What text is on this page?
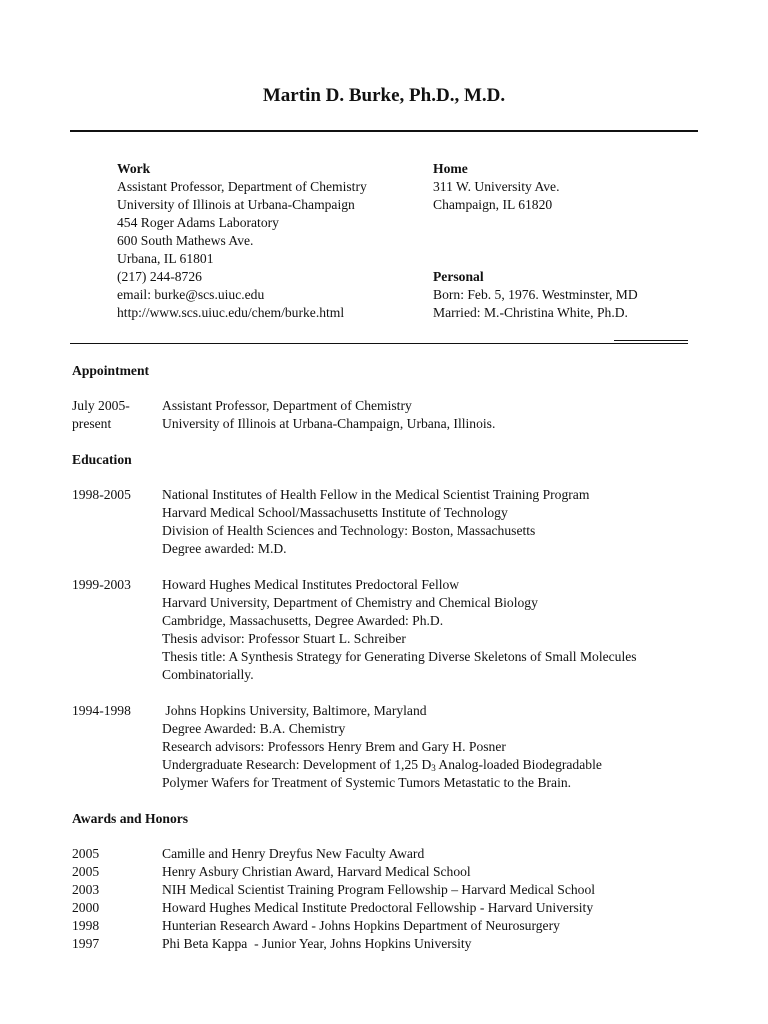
Martin D. Burke, Ph.D., M.D.
Work
Assistant Professor, Department of Chemistry
University of Illinois at Urbana-Champaign
454 Roger Adams Laboratory
600 South Mathews Ave.
Urbana, IL 61801
(217) 244-8726
email: burke@scs.uiuc.edu
http://www.scs.uiuc.edu/chem/burke.html
Home
311 W. University Ave.
Champaign, IL 61820
Personal
Born: Feb. 5, 1976. Westminster, MD
Married: M.-Christina White, Ph.D.
Appointment
July 2005-
present
Assistant Professor, Department of Chemistry
University of Illinois at Urbana-Champaign, Urbana, Illinois.
Education
1998-2005	National Institutes of Health Fellow in the Medical Scientist Training Program
Harvard Medical School/Massachusetts Institute of Technology
Division of Health Sciences and Technology: Boston, Massachusetts
Degree awarded: M.D.
1999-2003	Howard Hughes Medical Institutes Predoctoral Fellow
Harvard University, Department of Chemistry and Chemical Biology
Cambridge, Massachusetts, Degree Awarded: Ph.D.
Thesis advisor: Professor Stuart L. Schreiber
Thesis title: A Synthesis Strategy for Generating Diverse Skeletons of Small Molecules
Combinatorially.
1994-1998	Johns Hopkins University, Baltimore, Maryland
Degree Awarded: B.A. Chemistry
Research advisors: Professors Henry Brem and Gary H. Posner
Undergraduate Research: Development of 1,25 $D_3$ Analog-loaded Biodegradable
Polymer Wafers for Treatment of Systemic Tumors Metastatic to the Brain.
Awards and Honors
2005	Camille and Henry Dreyfus New Faculty Award
2005	Henry Asbury Christian Award, Harvard Medical School
2003	NIH Medical Scientist Training Program Fellowship – Harvard Medical School
2000	Howard Hughes Medical Institute Predoctoral Fellowship - Harvard University
1998	Hunterian Research Award - Johns Hopkins Department of Neurosurgery
1997	Phi Beta Kappa  - Junior Year, Johns Hopkins University
